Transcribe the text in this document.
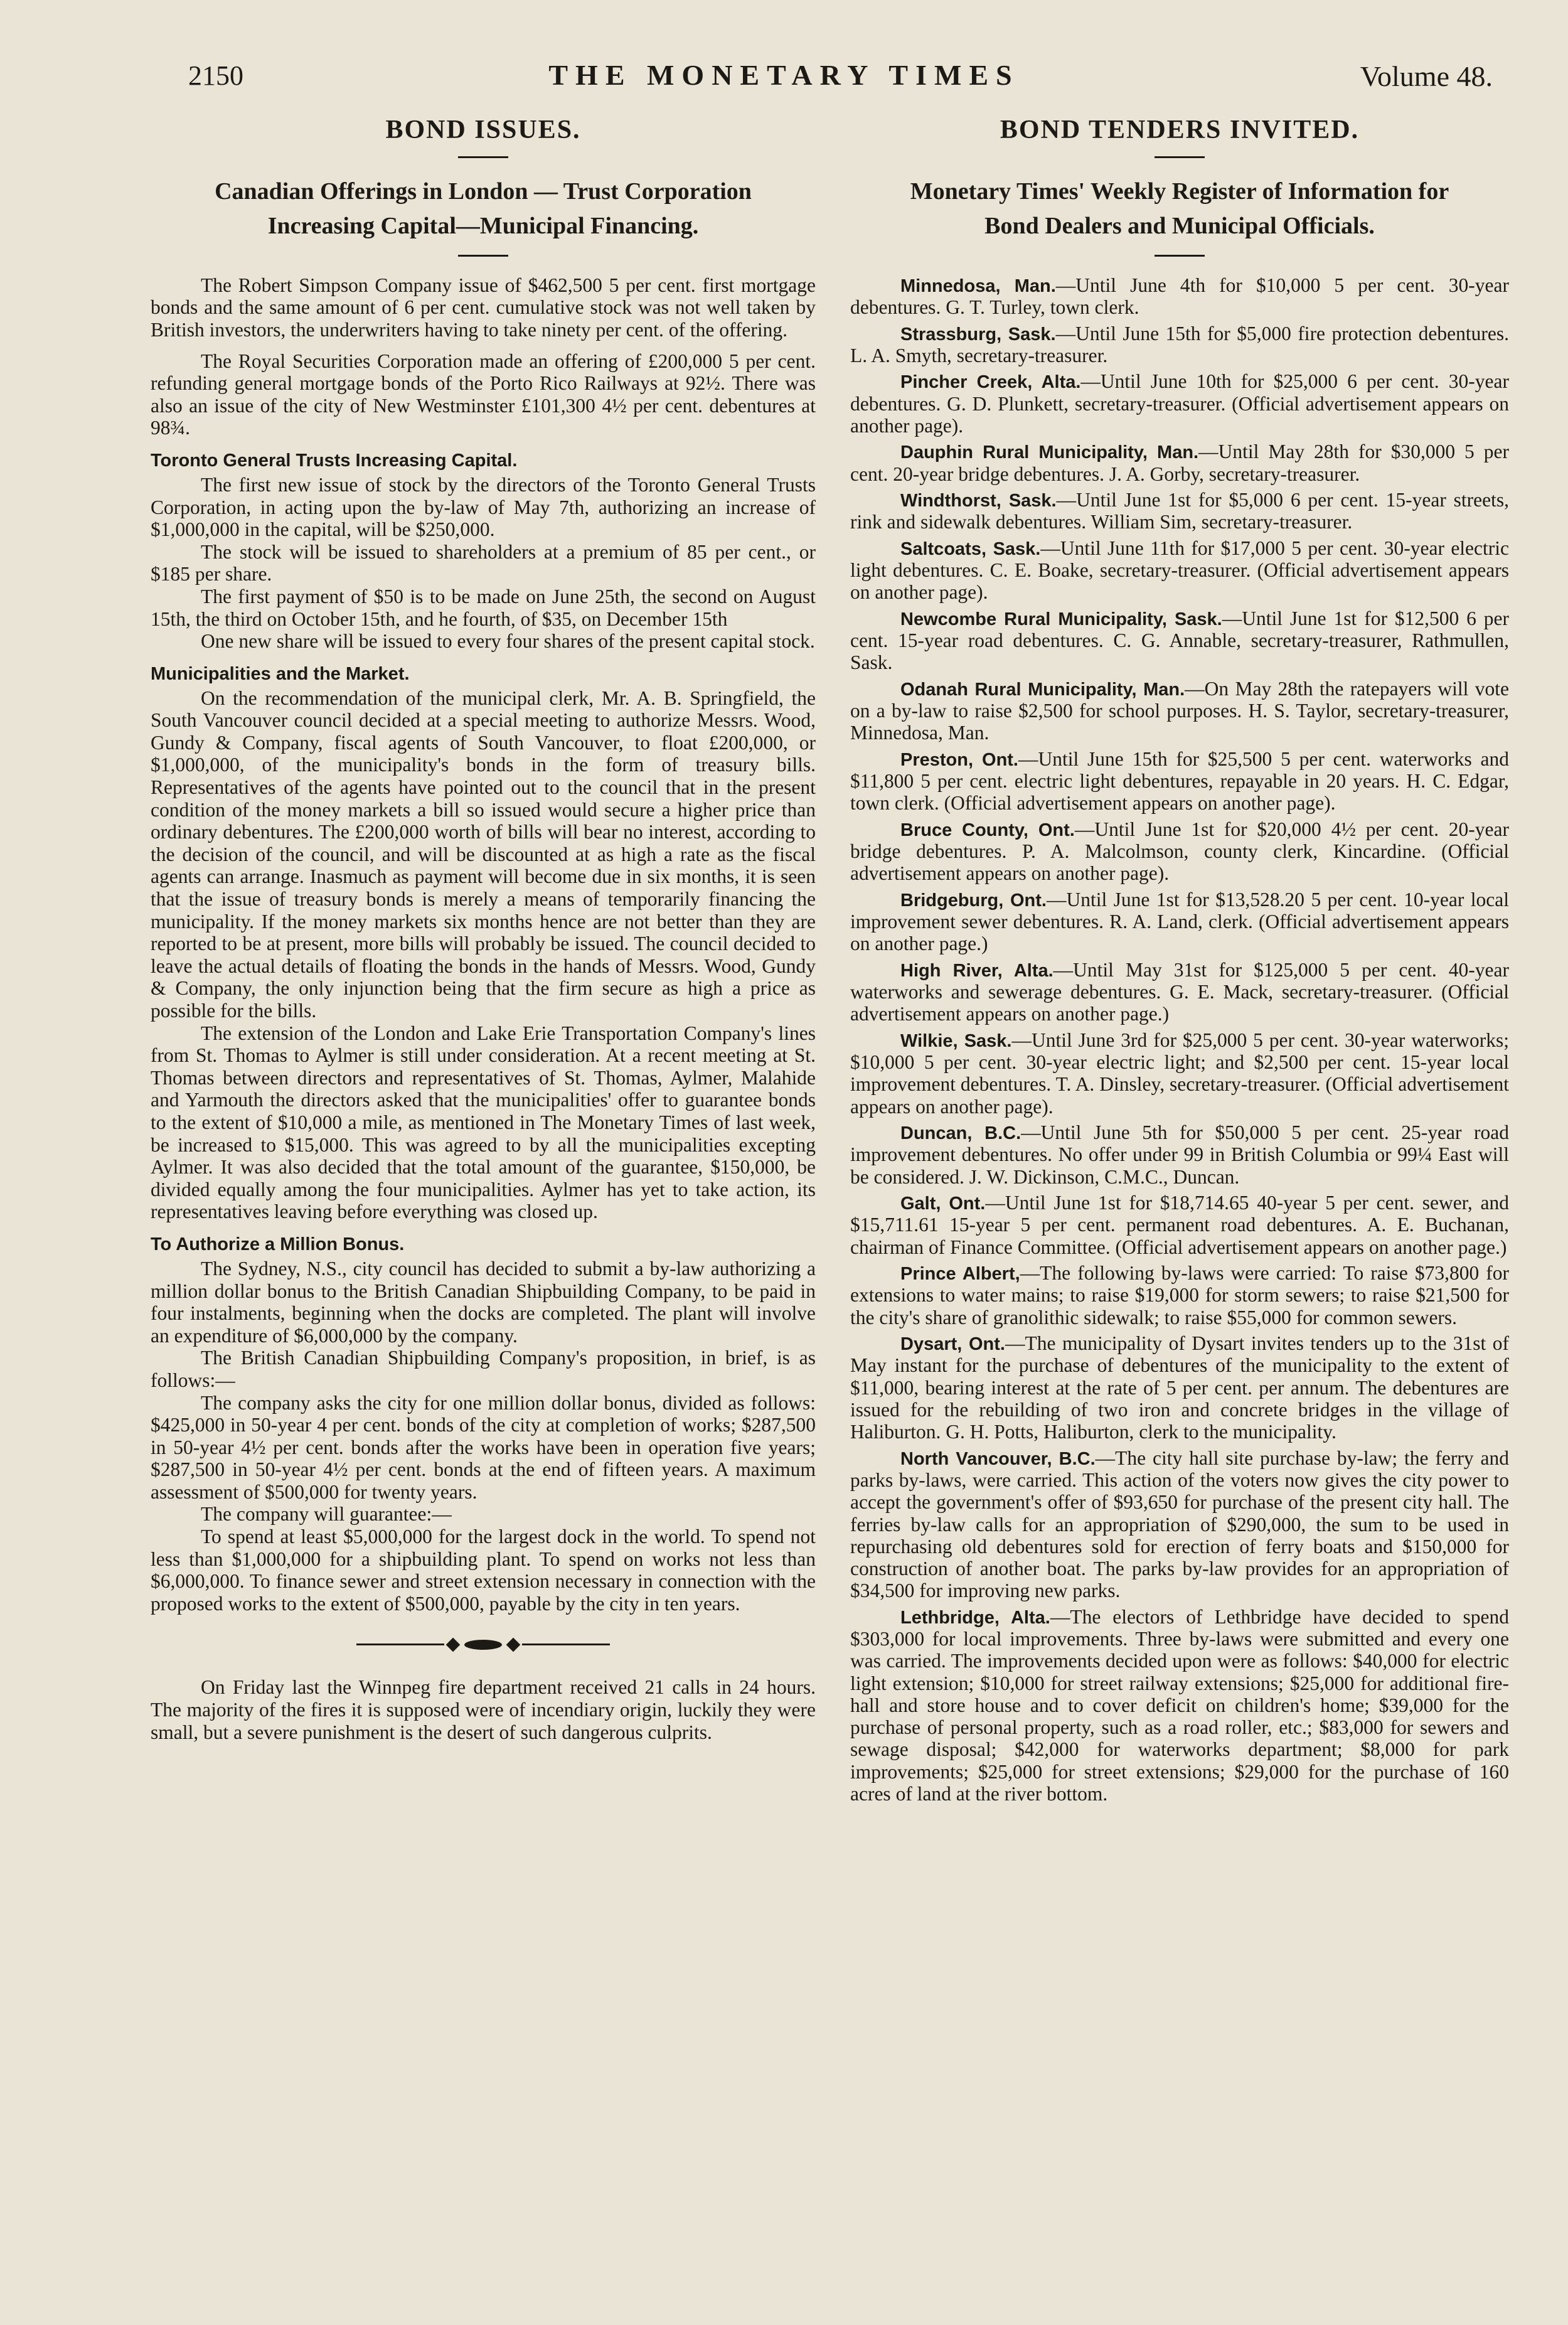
2150	THE MONETARY TIMES	Volume 48.
BOND ISSUES.
Canadian Offerings in London — Trust Corporation
Increasing Capital—Municipal Financing.

The Robert Simpson Company issue of $462,500 5 per cent. first mortgage bonds and the same amount of 6 per cent. cumulative stock was not well taken by British investors, the underwriters having to take ninety per cent. of the offering.

The Royal Securities Corporation made an offering of £200,000 5 per cent. refunding general mortgage bonds of the Porto Rico Railways at 92½. There was also an issue of the city of New Westminster £101,300 4½ per cent. debentures at 98¾.

Toronto General Trusts Increasing Capital.

The first new issue of stock by the directors of the Toronto General Trusts Corporation, in acting upon the by-law of May 7th, authorizing an increase of $1,000,000 in the capital, will be $250,000.

The stock will be issued to shareholders at a premium of 85 per cent., or $185 per share.

The first payment of $50 is to be made on June 25th, the second on August 15th, the third on October 15th, and he fourth, of $35, on December 15th

One new share will be issued to every four shares of the present capital stock.

Municipalities and the Market.

On the recommendation of the municipal clerk, Mr. A. B. Springfield, the South Vancouver council decided at a special meeting to authorize Messrs. Wood, Gundy & Company, fiscal agents of South Vancouver, to float £200,000, or $1,000,000, of the municipality's bonds in the form of treasury bills. Representatives of the agents have pointed out to the council that in the present condition of the money markets a bill so issued would secure a higher price than ordinary debentures. The £200,000 worth of bills will bear no interest, according to the decision of the council, and will be discounted at as high a rate as the fiscal agents can arrange. Inasmuch as payment will become due in six months, it is seen that the issue of treasury bonds is merely a means of temporarily financing the municipality. If the money markets six months hence are not better than they are reported to be at present, more bills will probably be issued. The council decided to leave the actual details of floating the bonds in the hands of Messrs. Wood, Gundy & Company, the only injunction being that the firm secure as high a price as possible for the bills.

The extension of the London and Lake Erie Transportation Company's lines from St. Thomas to Aylmer is still under consideration. At a recent meeting at St. Thomas between directors and representatives of St. Thomas, Aylmer, Malahide and Yarmouth the directors asked that the municipalities' offer to guarantee bonds to the extent of $10,000 a mile, as mentioned in The Monetary Times of last week, be increased to $15,000. This was agreed to by all the municipalities excepting Aylmer. It was also decided that the total amount of the guarantee, $150,000, be divided equally among the four municipalities. Aylmer has yet to take action, its representatives leaving before everything was closed up.

To Authorize a Million Bonus.

The Sydney, N.S., city council has decided to submit a by-law authorizing a million dollar bonus to the British Canadian Shipbuilding Company, to be paid in four instalments, beginning when the docks are completed. The plant will involve an expenditure of $6,000,000 by the company.

The British Canadian Shipbuilding Company's proposition, in brief, is as follows:—

The company asks the city for one million dollar bonus, divided as follows: $425,000 in 50-year 4 per cent. bonds of the city at completion of works; $287,500 in 50-year 4½ per cent. bonds after the works have been in operation five years; $287,500 in 50-year 4½ per cent. bonds at the end of fifteen years. A maximum assessment of $500,000 for twenty years.

The company will guarantee:—

To spend at least $5,000,000 for the largest dock in the world. To spend not less than $1,000,000 for a shipbuilding plant. To spend on works not less than $6,000,000. To finance sewer and street extension necessary in connection with the proposed works to the extent of $500,000, payable by the city in ten years.

On Friday last the Winnpeg fire department received 21 calls in 24 hours. The majority of the fires it is supposed were of incendiary origin, luckily they were small, but a severe punishment is the desert of such dangerous culprits.

BOND TENDERS INVITED.
Monetary Times' Weekly Register of Information for
Bond Dealers and Municipal Officials.
Minnedosa, Man.—Until June 4th for $10,000 5 per cent. 30-year debentures. G. T. Turley, town clerk.
Strassburg, Sask.—Until June 15th for $5,000 fire protection debentures. L. A. Smyth, secretary-treasurer.
Pincher Creek, Alta.—Until June 10th for $25,000 6 per cent. 30-year debentures. G. D. Plunkett, secretary-treasurer. (Official advertisement appears on another page).
Dauphin Rural Municipality, Man.—Until May 28th for $30,000 5 per cent. 20-year bridge debentures. J. A. Gorby, secretary-treasurer.
Windthorst, Sask.—Until June 1st for $5,000 6 per cent. 15-year streets, rink and sidewalk debentures. William Sim, secretary-treasurer.
Saltcoats, Sask.—Until June 11th for $17,000 5 per cent. 30-year electric light debentures. C. E. Boake, secretary-treasurer. (Official advertisement appears on another page).
Newcombe Rural Municipality, Sask.—Until June 1st for $12,500 6 per cent. 15-year road debentures. C. G. Annable, secretary-treasurer, Rathmullen, Sask.
Odanah Rural Municipality, Man.—On May 28th the ratepayers will vote on a by-law to raise $2,500 for school purposes. H. S. Taylor, secretary-treasurer, Minnedosa, Man.
Preston, Ont.—Until June 15th for $25,500 5 per cent. waterworks and $11,800 5 per cent. electric light debentures, repayable in 20 years. H. C. Edgar, town clerk. (Official advertisement appears on another page).
Bruce County, Ont.—Until June 1st for $20,000 4½ per cent. 20-year bridge debentures. P. A. Malcolmson, county clerk, Kincardine. (Official advertisement appears on another page).
Bridgeburg, Ont.—Until June 1st for $13,528.20 5 per cent. 10-year local improvement sewer debentures. R. A. Land, clerk. (Official advertisement appears on another page.)
High River, Alta.—Until May 31st for $125,000 5 per cent. 40-year waterworks and sewerage debentures. G. E. Mack, secretary-treasurer. (Official advertisement appears on another page.)
Wilkie, Sask.—Until June 3rd for $25,000 5 per cent. 30-year waterworks; $10,000 5 per cent. 30-year electric light; and $2,500 per cent. 15-year local improvement debentures. T. A. Dinsley, secretary-treasurer. (Official advertisement appears on another page).
Duncan, B.C.—Until June 5th for $50,000 5 per cent. 25-year road improvement debentures. No offer under 99 in British Columbia or 99¼ East will be considered. J. W. Dickinson, C.M.C., Duncan.
Galt, Ont.—Until June 1st for $18,714.65 40-year 5 per cent. sewer, and $15,711.61 15-year 5 per cent. permanent road debentures. A. E. Buchanan, chairman of Finance Committee. (Official advertisement appears on another page.)
Prince Albert,—The following by-laws were carried: To raise $73,800 for extensions to water mains; to raise $19,000 for storm sewers; to raise $21,500 for the city's share of granolithic sidewalk; to raise $55,000 for common sewers.
Dysart, Ont.—The municipality of Dysart invites tenders up to the 31st of May instant for the purchase of debentures of the municipality to the extent of $11,000, bearing interest at the rate of 5 per cent. per annum. The debentures are issued for the rebuilding of two iron and concrete bridges in the village of Haliburton. G. H. Potts, Haliburton, clerk to the municipality.
North Vancouver, B.C.—The city hall site purchase by-law; the ferry and parks by-laws, were carried. This action of the voters now gives the city power to accept the government's offer of $93,650 for purchase of the present city hall. The ferries by-law calls for an appropriation of $290,000, the sum to be used in repurchasing old debentures sold for erection of ferry boats and $150,000 for construction of another boat. The parks by-law provides for an appropriation of $34,500 for improving new parks.
Lethbridge, Alta.—The electors of Lethbridge have decided to spend $303,000 for local improvements. Three by-laws were submitted and every one was carried. The improvements decided upon were as follows: $40,000 for electric light extension; $10,000 for street railway extensions; $25,000 for additional fire-hall and store house and to cover deficit on children's home; $39,000 for the purchase of personal property, such as a road roller, etc.; $83,000 for sewers and sewage disposal; $42,000 for waterworks department; $8,000 for park improvements; $25,000 for street extensions; $29,000 for the purchase of 160 acres of land at the river bottom.
